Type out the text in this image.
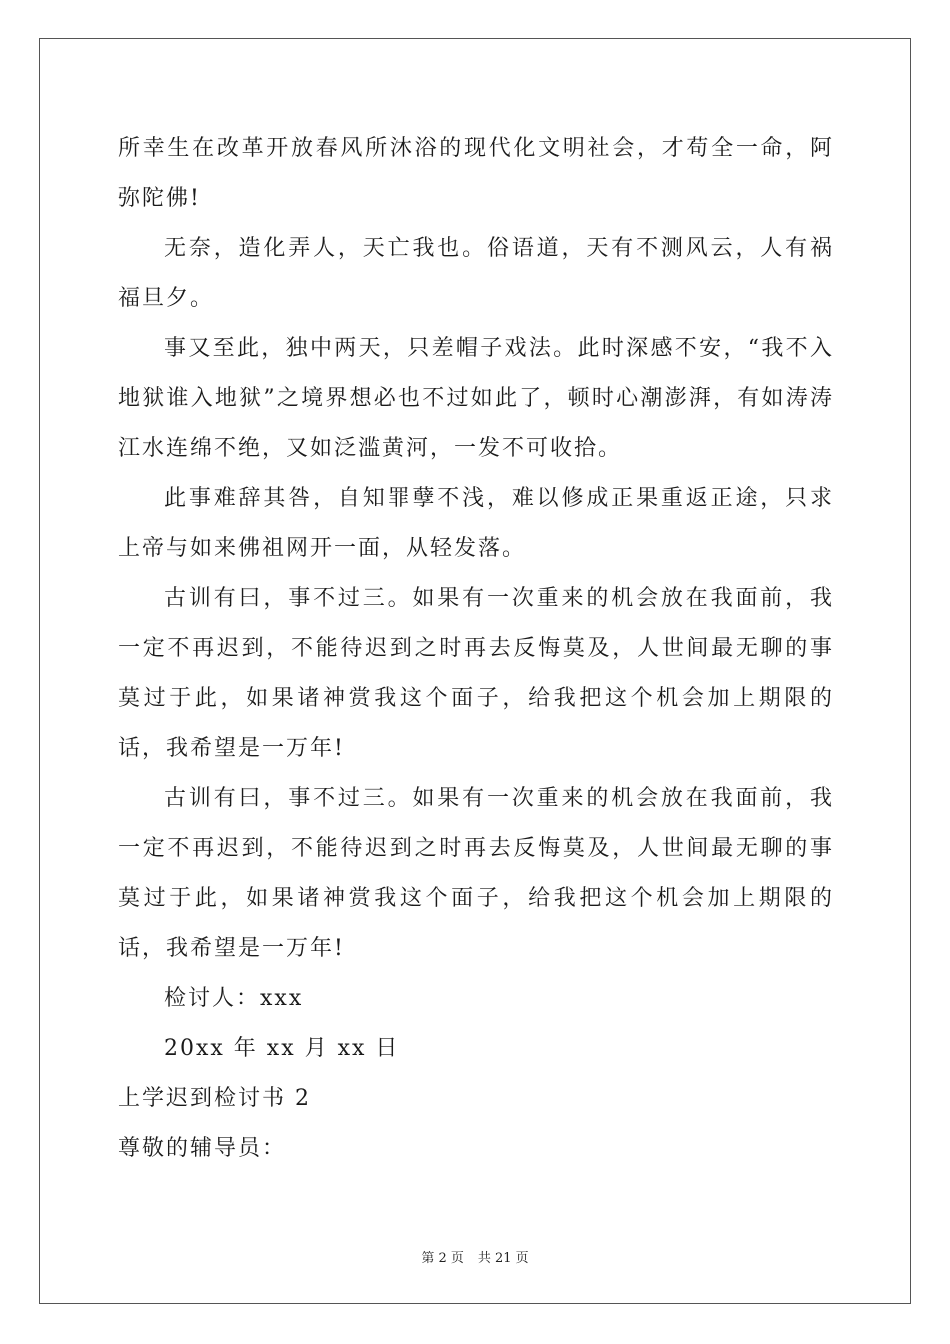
所幸生在改革开放春风所沐浴的现代化文明社会，才苟全一命，阿弥陀佛!

无奈，造化弄人，天亡我也。俗语道，天有不测风云，人有祸福旦夕。

事又至此，独中两天，只差帽子戏法。此时深感不安，“我不入地狱谁入地狱”之境界想必也不过如此了，顿时心潮澎湃，有如涛涛江水连绵不绝，又如泛滥黄河，一发不可收拾。

此事难辞其咎，自知罪孽不浅，难以修成正果重返正途，只求上帝与如来佛祖网开一面，从轻发落。

古训有曰，事不过三。如果有一次重来的机会放在我面前，我一定不再迟到，不能待迟到之时再去反悔莫及，人世间最无聊的事莫过于此，如果诸神赏我这个面子，给我把这个机会加上期限的话，我希望是一万年!

古训有曰，事不过三。如果有一次重来的机会放在我面前，我一定不再迟到，不能待迟到之时再去反悔莫及，人世间最无聊的事莫过于此，如果诸神赏我这个面子，给我把这个机会加上期限的话，我希望是一万年!

检讨人：xxx

20xx 年 xx 月 xx 日

上学迟到检讨书 2

尊敬的辅导员：

第 2 页 共 21 页
